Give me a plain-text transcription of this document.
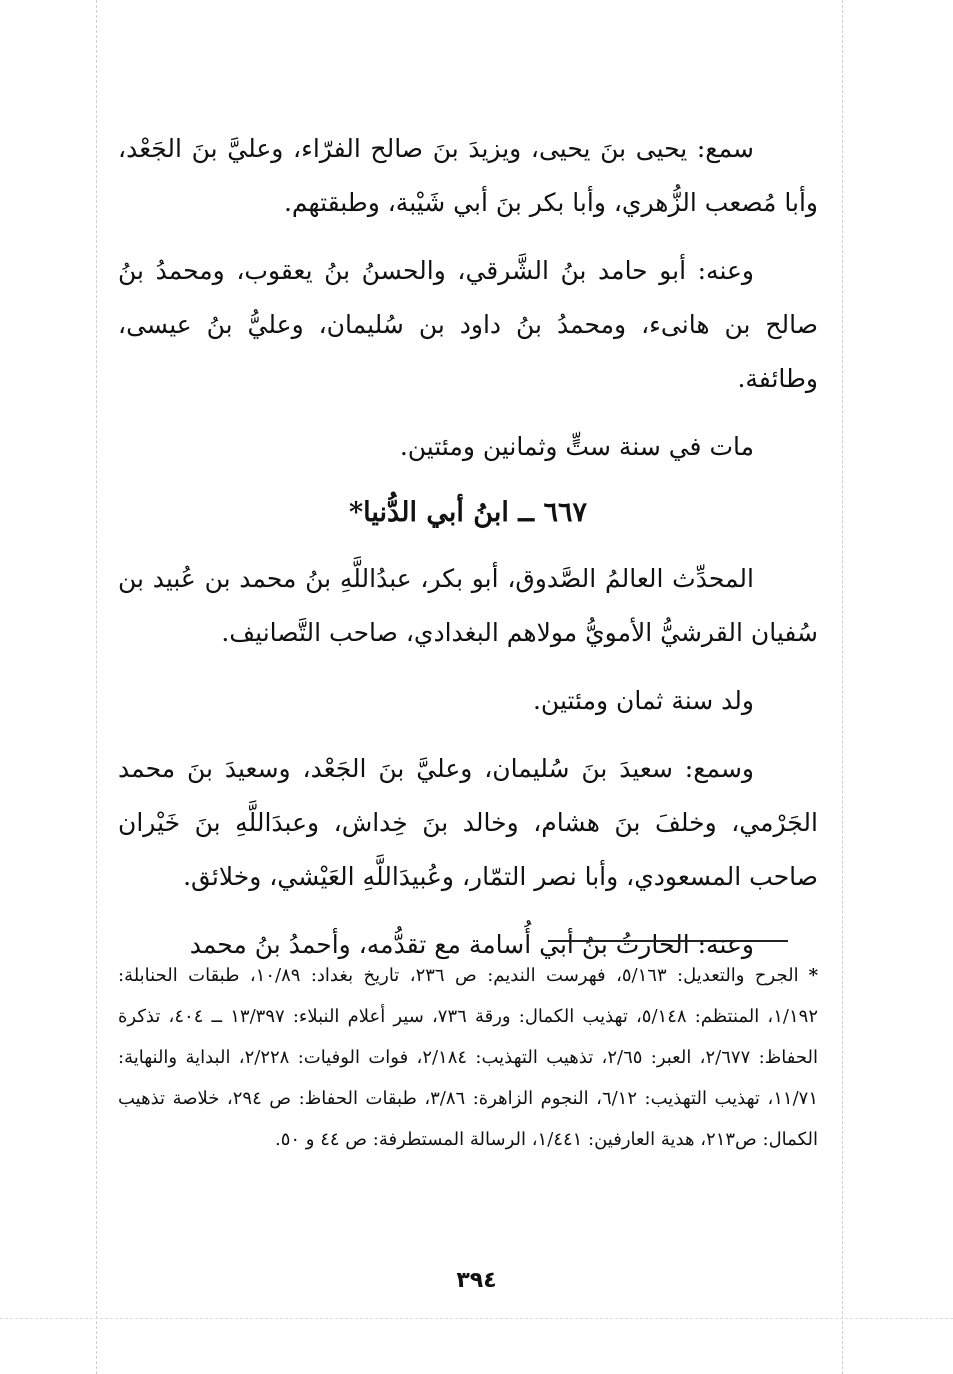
سمع: يحيى بنَ يحيى، ويزيدَ بنَ صالح الفرّاء، وعليَّ بنَ الجَعْد، وأبا مُصعب الزُّهري، وأبا بكر بنَ أبي شَيْبة، وطبقتهم.

وعنه: أبو حامد بنُ الشَّرقي، والحسنُ بنُ يعقوب، ومحمدُ بنُ صالح بن هانىء، ومحمدُ بنُ داود بن سُليمان، وعليُّ بنُ عيسى، وطائفة.

مات في سنة ستٍّ وثمانين ومئتين.

٦٦٧ ــ ابنُ أبي الدُّنيا*

المحدِّث العالمُ الصَّدوق، أبو بكر، عبدُاللَّهِ بنُ محمد بن عُبيد بن سُفيان القرشيُّ الأمويُّ مولاهم البغدادي، صاحب التَّصانيف.

ولد سنة ثمان ومئتين.

وسمع: سعيدَ بنَ سُليمان، وعليَّ بنَ الجَعْد، وسعيدَ بنَ محمد الجَرْمي، وخلفَ بنَ هشام، وخالد بنَ خِداش، وعبدَاللَّهِ بنَ خَيْران صاحب المسعودي، وأبا نصر التمّار، وعُبيدَاللَّهِ العَيْشي، وخلائق.

وعنه: الحارثُ بنُ أبي أُسامة مع تقدُّمه، وأحمدُ بنُ محمد

*الجرح والتعديل: ٥/١٦٣، فهرست النديم: ص ٢٣٦، تاريخ بغداد: ١٠/٨٩، طبقات الحنابلة: ١/١٩٢، المنتظم: ٥/١٤٨، تهذيب الكمال: ورقة ٧٣٦، سير أعلام النبلاء: ١٣/٣٩٧ ــ ٤٠٤، تذكرة الحفاظ: ٢/٦٧٧، العبر: ٢/٦٥، تذهيب التهذيب: ٢/١٨٤، فوات الوفيات: ٢/٢٢٨، البداية والنهاية: ١١/٧١، تهذيب التهذيب: ٦/١٢، النجوم الزاهرة: ٣/٨٦، طبقات الحفاظ: ص ٢٩٤، خلاصة تذهيب الكمال: ص٢١٣، هدية العارفين: ١/٤٤١، الرسالة المستطرفة: ص ٤٤ و ٥٠.
٣٩٤
